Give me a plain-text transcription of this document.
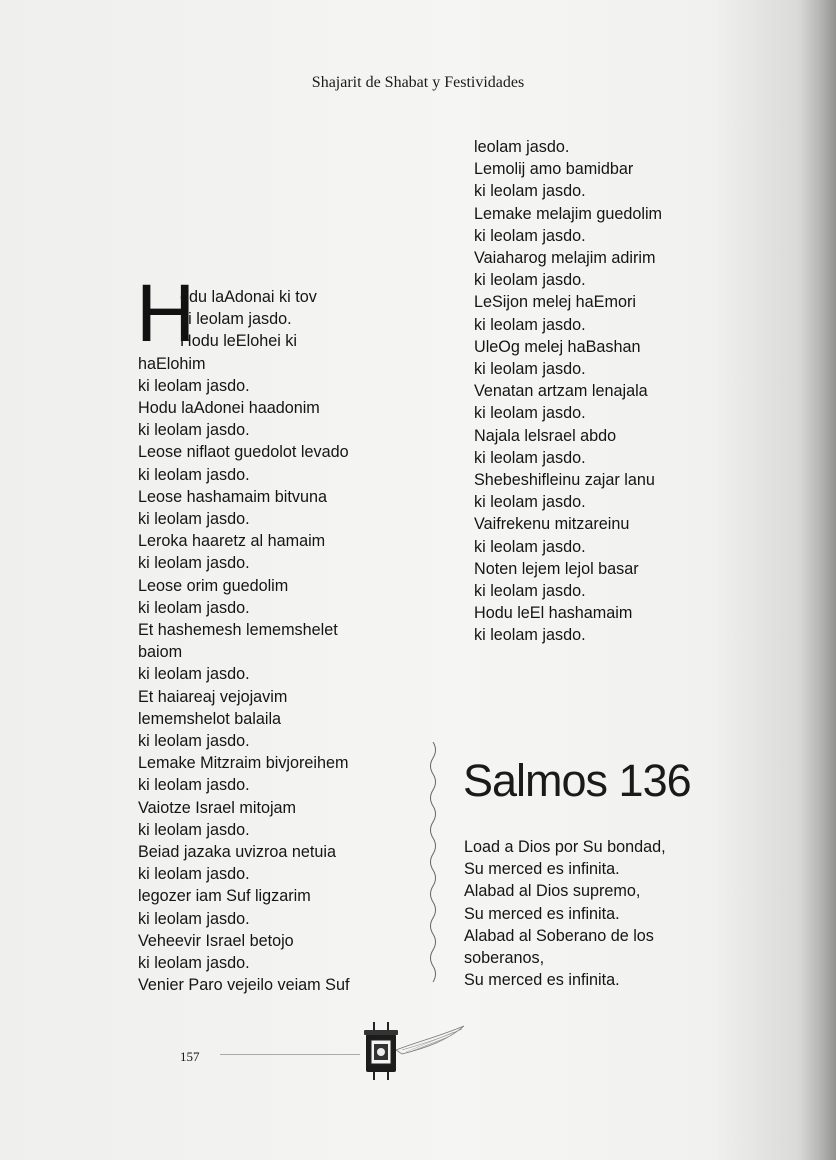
Shajarit de Shabat y Festividades
H
odu laAdonai ki tov
ki leolam jasdo.
Hodu leElohei ki
haElohim
ki leolam jasdo.
Hodu laAdonei haadonim
ki leolam jasdo.
Leose niflaot guedolot levado
ki leolam jasdo.
Leose hashamaim bitvuna
ki leolam jasdo.
Leroka haaretz al hamaim
ki leolam jasdo.
Leose orim guedolim
ki leolam jasdo.
Et hashemesh lememshelet
baiom
ki leolam jasdo.
Et haiareaj vejojavim
lememshelot balaila
ki leolam jasdo.
Lemake Mitzraim bivjoreihem
ki leolam jasdo.
Vaiotze Israel mitojam
ki leolam jasdo.
Beiad jazaka uvizroa netuia
ki leolam jasdo.
legozer iam Suf ligzarim
ki leolam jasdo.
Veheevir Israel betojo
ki leolam jasdo.
Venier Paro vejeilo veiam Suf
leolam jasdo.
Lemolij amo bamidbar
ki leolam jasdo.
Lemake melajim guedolim
ki leolam jasdo.
Vaiaharog melajim adirim
ki leolam jasdo.
LeSijon melej haEmori
ki leolam jasdo.
UleOg melej haBashan
ki leolam jasdo.
Venatan artzam lenajala
ki leolam jasdo.
Najala lelsrael abdo
ki leolam jasdo.
Shebeshifleinu zajar lanu
ki leolam jasdo.
Vaifrekenu mitzareinu
ki leolam jasdo.
Noten lejem lejol basar
ki leolam jasdo.
Hodu leEl hashamaim
ki leolam jasdo.
Salmos 136
Load a Dios por Su bondad,
Su merced es infinita.
Alabad al Dios supremo,
Su merced es infinita.
Alabad al Soberano de los
soberanos,
Su merced es infinita.
157
